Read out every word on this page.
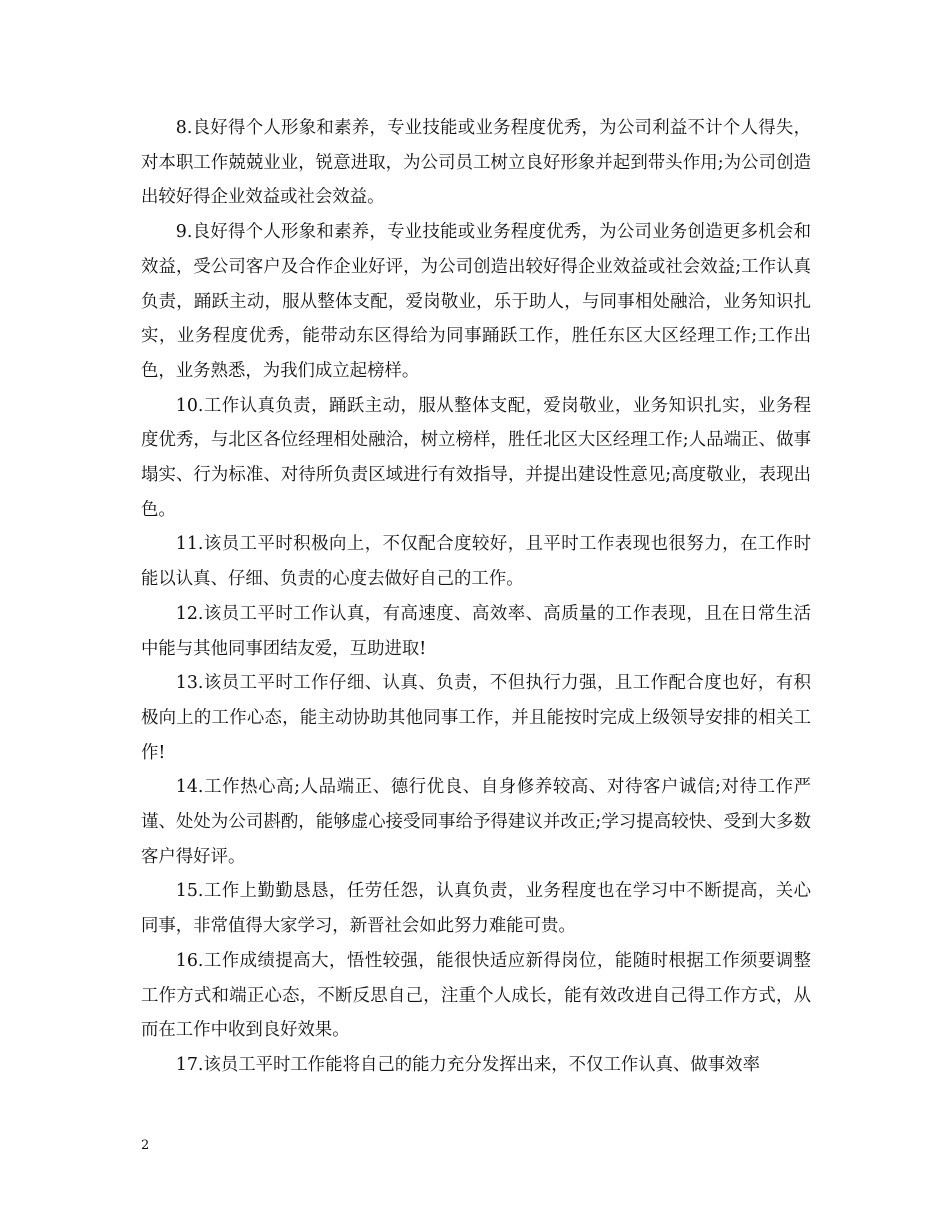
8.良好得个人形象和素养，专业技能或业务程度优秀，为公司利益不计个人得失，对本职工作兢兢业业，锐意进取，为公司员工树立良好形象并起到带头作用;为公司创造出较好得企业效益或社会效益。

9.良好得个人形象和素养，专业技能或业务程度优秀，为公司业务创造更多机会和效益，受公司客户及合作企业好评，为公司创造出较好得企业效益或社会效益;工作认真负责，踊跃主动，服从整体支配，爱岗敬业，乐于助人，与同事相处融洽，业务知识扎实，业务程度优秀，能带动东区得给为同事踊跃工作，胜任东区大区经理工作;工作出色，业务熟悉，为我们成立起榜样。

10.工作认真负责，踊跃主动，服从整体支配，爱岗敬业，业务知识扎实，业务程度优秀，与北区各位经理相处融洽，树立榜样，胜任北区大区经理工作;人品端正、做事塌实、行为标准、对待所负责区域进行有效指导，并提出建设性意见;高度敬业，表现出色。

11.该员工平时积极向上，不仅配合度较好，且平时工作表现也很努力，在工作时能以认真、仔细、负责的心度去做好自己的工作。

12.该员工平时工作认真，有高速度、高效率、高质量的工作表现，且在日常生活中能与其他同事团结友爱，互助进取!

13.该员工平时工作仔细、认真、负责，不但执行力强，且工作配合度也好，有积极向上的工作心态，能主动协助其他同事工作，并且能按时完成上级领导安排的相关工作!

14.工作热心高;人品端正、德行优良、自身修养较高、对待客户诚信;对待工作严谨、处处为公司斟酌，能够虚心接受同事给予得建议并改正;学习提高较快、受到大多数客户得好评。

15.工作上勤勤恳恳，任劳任怨，认真负责，业务程度也在学习中不断提高，关心同事，非常值得大家学习，新晋社会如此努力难能可贵。

16.工作成绩提高大，悟性较强，能很快适应新得岗位，能随时根据工作须要调整工作方式和端正心态，不断反思自己，注重个人成长，能有效改进自己得工作方式，从而在工作中收到良好效果。

17.该员工平时工作能将自己的能力充分发挥出来，不仅工作认真、做事效率

2
